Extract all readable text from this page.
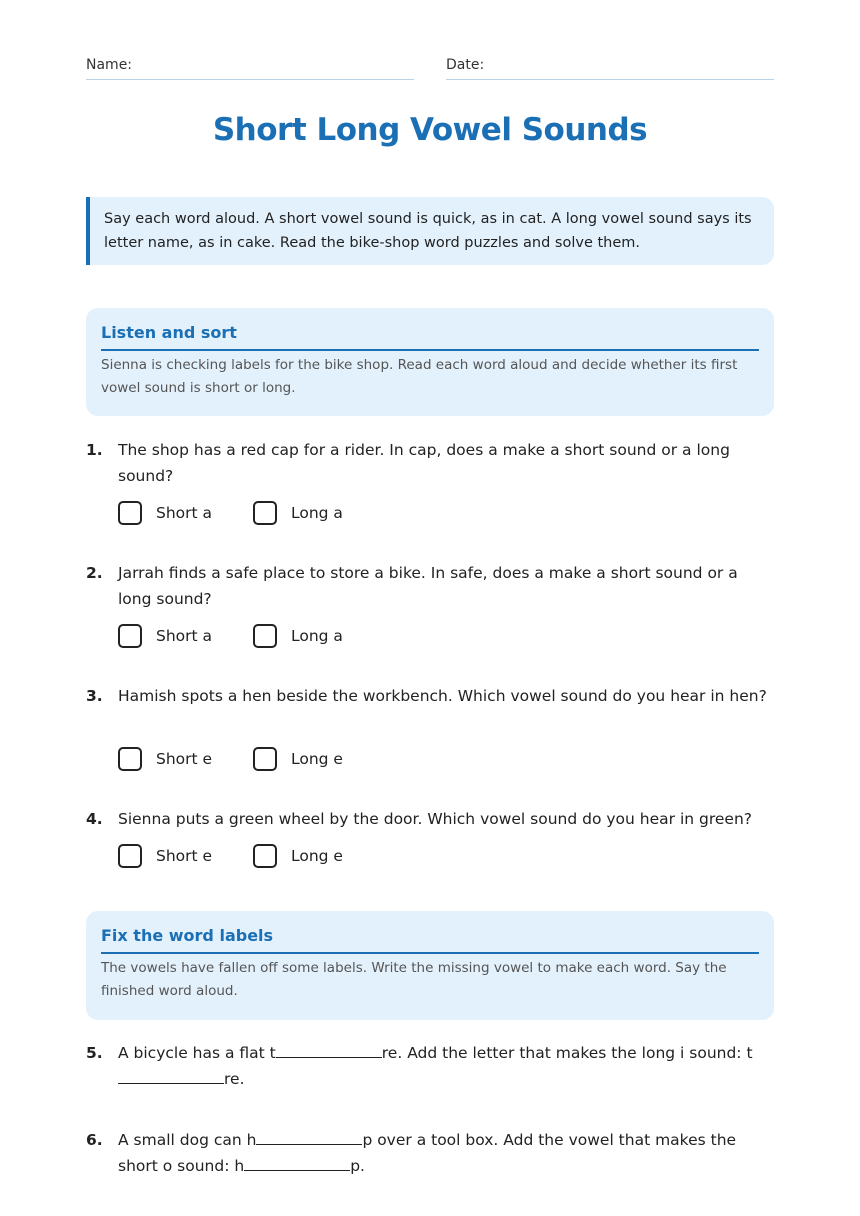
Name:	Date:
Short Long Vowel Sounds
Say each word aloud. A short vowel sound is quick, as in cat. A long vowel sound says its letter name, as in cake. Read the bike-shop word puzzles and solve them.
Listen and sort
Sienna is checking labels for the bike shop. Read each word aloud and decide whether its first vowel sound is short or long.
1. The shop has a red cap for a rider. In cap, does a make a short sound or a long sound?
Short a	Long a
2. Jarrah finds a safe place to store a bike. In safe, does a make a short sound or a long sound?
Short a	Long a
3. Hamish spots a hen beside the workbench. Which vowel sound do you hear in hen?
Short e	Long e
4. Sienna puts a green wheel by the door. Which vowel sound do you hear in green?
Short e	Long e
Fix the word labels
The vowels have fallen off some labels. Write the missing vowel to make each word. Say the finished word aloud.
5. A bicycle has a flat t	re. Add the letter that makes the long i sound: t re.
6. A small dog can h	p over a tool box. Add the vowel that makes the short o sound: h	p.
